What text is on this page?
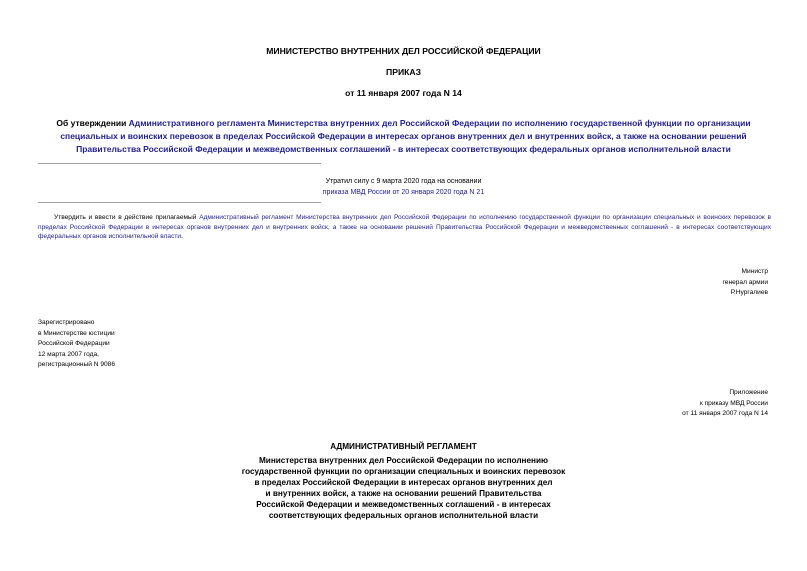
МИНИСТЕРСТВО ВНУТРЕННИХ ДЕЛ РОССИЙСКОЙ ФЕДЕРАЦИИ
ПРИКАЗ
от 11 января 2007 года N 14
Об утверждении Административного регламента Министерства внутренних дел Российской Федерации по исполнению государственной функции по организации специальных и воинских перевозок в пределах Российской Федерации в интересах органов внутренних дел и внутренних войск, а также на основании решений Правительства Российской Федерации и межведомственных соглашений - в интересах соответствующих федеральных органов исполнительной власти
Утратил силу с 9 марта 2020 года на основании
приказа МВД России от 20 января 2020 года N 21
Утвердить и ввести в действие прилагаемый Административный регламент Министерства внутренних дел Российской Федерации по исполнению государственной функции по организации специальных и воинских перевозок в пределах Российской Федерации в интересах органов внутренних дел и внутренних войск, а также на основании решений Правительства Российской Федерации и межведомственных соглашений - в интересах соответствующих федеральных органов исполнительной власти.
Министр
генерал армии
Р.Нургалиев
Зарегистрировано
в Министерстве юстиции
Российской Федерации
12 марта 2007 года,
регистрационный N 9086
Приложение
к приказу МВД России
от 11 января 2007 года N 14
АДМИНИСТРАТИВНЫЙ РЕГЛАМЕНТ
Министерства внутренних дел Российской Федерации по исполнению
государственной функции по организации специальных и воинских перевозок
в пределах Российской Федерации в интересах органов внутренних дел
и внутренних войск, а также на основании решений Правительства
Российской Федерации и межведомственных соглашений - в интересах
соответствующих федеральных органов исполнительной власти
